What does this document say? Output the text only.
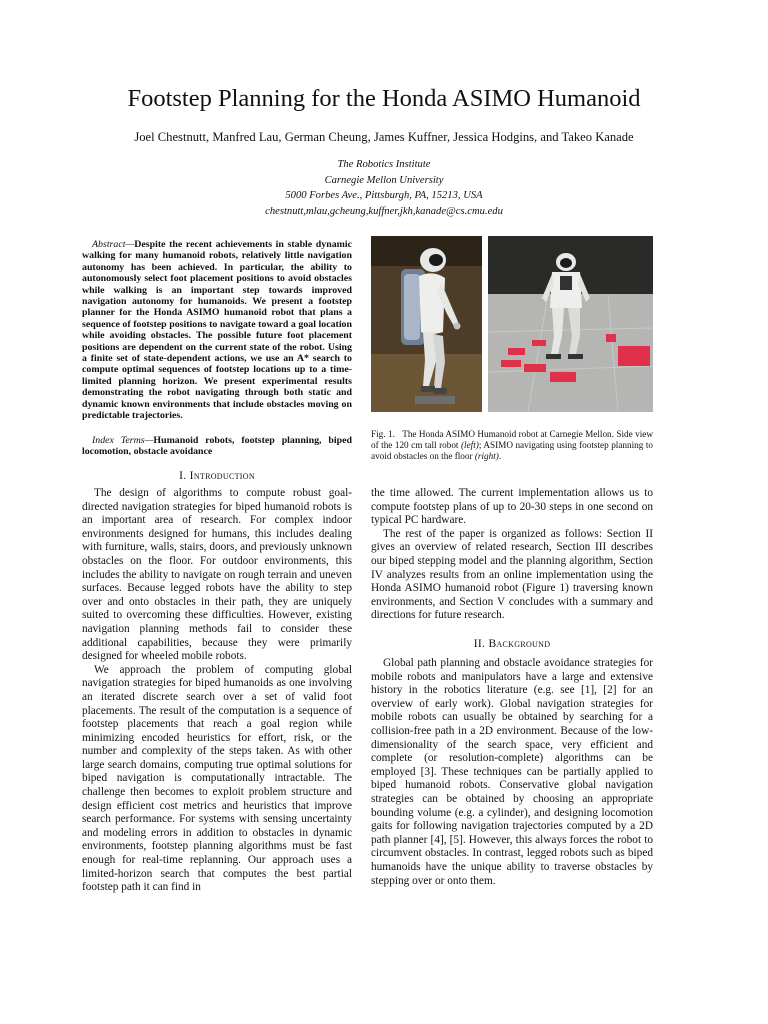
Footstep Planning for the Honda ASIMO Humanoid

Joel Chestnutt, Manfred Lau, German Cheung, James Kuffner, Jessica Hodgins, and Takeo Kanade

The Robotics Institute
Carnegie Mellon University
5000 Forbes Ave., Pittsburgh, PA, 15213, USA
chestnutt,mlau,gcheung,kuffner,jkh,kanade@cs.cmu.edu

Abstract—Despite the recent achievements in stable dynamic walking for many humanoid robots, relatively little navigation autonomy has been achieved. In particular, the ability to autonomously select foot placement positions to avoid obstacles while walking is an important step towards improved navigation autonomy for humanoids. We present a footstep planner for the Honda ASIMO humanoid robot that plans a sequence of footstep positions to navigate toward a goal location while avoiding obstacles. The possible future foot placement positions are dependent on the current state of the robot. Using a finite set of state-dependent actions, we use an A* search to compute optimal sequences of footstep locations up to a time-limited planning horizon. We present experimental results demonstrating the robot navigating through both static and dynamic known environments that include obstacles moving on predictable trajectories.

Index Terms—Humanoid robots, footstep planning, biped locomotion, obstacle avoidance

I. Introduction

The design of algorithms to compute robust goal-directed navigation strategies for biped humanoid robots is an important area of research. For complex indoor environments designed for humans, this includes dealing with furniture, walls, stairs, doors, and previously unknown obstacles on the floor. For outdoor environments, this includes the ability to navigate on rough terrain and uneven surfaces. Because legged robots have the ability to step over and onto obstacles in their path, they are uniquely suited to overcoming these difficulties. However, existing navigation planning methods fail to consider these additional capabilities, because they were primarily designed for wheeled mobile robots.

We approach the problem of computing global navigation strategies for biped humanoids as one involving an iterated discrete search over a set of valid foot placements. The result of the computation is a sequence of footstep placements that reach a goal region while minimizing encoded heuristics for effort, risk, or the number and complexity of the steps taken. As with other large search domains, computing true optimal solutions for biped navigation is computationally intractable. The challenge then becomes to exploit problem structure and design efficient cost metrics and heuristics that improve search performance. For systems with sensing uncertainty and modeling errors in addition to obstacles in dynamic environments, footstep planning algorithms must be fast enough for real-time replanning. Our approach uses a limited-horizon search that computes the best partial footstep path it can find in

Fig. 1. The Honda ASIMO Humanoid robot at Carnegie Mellon. Side view of the 120 cm tall robot (left); ASIMO navigating using footstep planning to avoid obstacles on the floor (right).

the time allowed. The current implementation allows us to compute footstep plans of up to 20-30 steps in one second on typical PC hardware.

The rest of the paper is organized as follows: Section II gives an overview of related research, Section III describes our biped stepping model and the planning algorithm, Section IV analyzes results from an online implementation using the Honda ASIMO humanoid robot (Figure 1) traversing known environments, and Section V concludes with a summary and directions for future research.

II. Background

Global path planning and obstacle avoidance strategies for mobile robots and manipulators have a large and extensive history in the robotics literature (e.g. see [1], [2] for an overview of early work). Global navigation strategies for mobile robots can usually be obtained by searching for a collision-free path in a 2D environment. Because of the low-dimensionality of the search space, very efficient and complete (or resolution-complete) algorithms can be employed [3]. These techniques can be partially applied to biped humanoid robots. Conservative global navigation strategies can be obtained by choosing an appropriate bounding volume (e.g. a cylinder), and designing locomotion gaits for following navigation trajectories computed by a 2D path planner [4], [5]. However, this always forces the robot to circumvent obstacles. In contrast, legged robots such as biped humanoids have the unique ability to traverse obstacles by stepping over or onto them.
